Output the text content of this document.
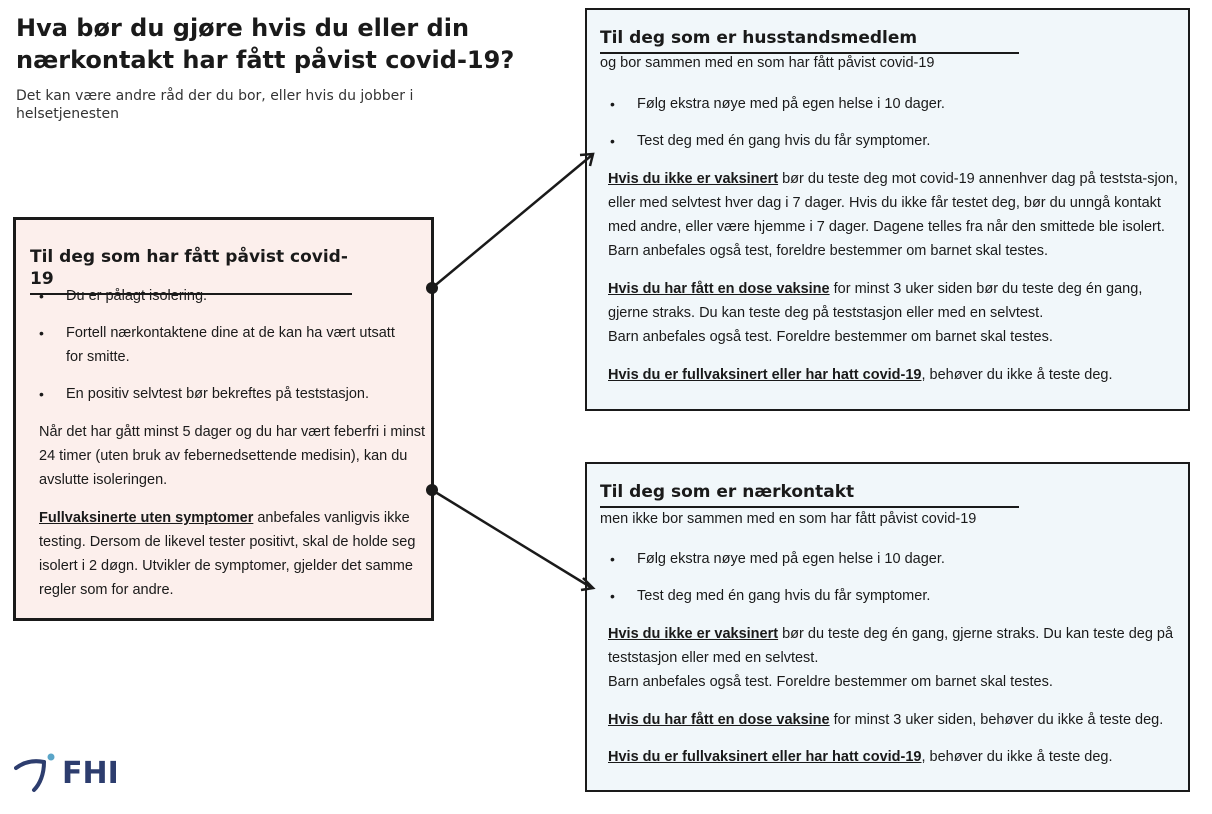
Hva bør du gjøre hvis du eller din nærkontakt har fått påvist covid-19?
Det kan være andre råd der du bor, eller hvis du jobber i helsetjenesten
Til deg som har fått påvist covid-19
• Du er pålagt isolering.
• Fortell nærkontaktene dine at de kan ha vært utsatt for smitte.
• En positiv selvtest bør bekreftes på teststasjon.
Når det har gått minst 5 dager og du har vært feberfri i minst 24 timer (uten bruk av febernedsettende medisin), kan du avslutte isoleringen.
Fullvaksinerte uten symptomer anbefales vanligvis ikke testing. Dersom de likevel tester positivt, skal de holde seg isolert i 2 døgn. Utvikler de symptomer, gjelder det samme regler som for andre.
Til deg som er husstandsmedlem
og bor sammen med en som har fått påvist covid-19
• Følg ekstra nøye med på egen helse i 10 dager.
• Test deg med én gang hvis du får symptomer.
Hvis du ikke er vaksinert bør du teste deg mot covid-19 annenhver dag på teststa-sjon, eller med selvtest hver dag i 7 dager. Hvis du ikke får testet deg, bør du unngå kontakt med andre, eller være hjemme i 7 dager. Dagene telles fra når den smittede ble isolert. Barn anbefales også test, foreldre bestemmer om barnet skal testes.
Hvis du har fått en dose vaksine for minst 3 uker siden bør du teste deg én gang, gjerne straks. Du kan teste deg på teststasjon eller med en selvtest.
Barn anbefales også test. Foreldre bestemmer om barnet skal testes.
Hvis du er fullvaksinert eller har hatt covid-19, behøver du ikke å teste deg.
Til deg som er nærkontakt
men ikke bor sammen med en som har fått påvist covid-19
• Følg ekstra nøye med på egen helse i 10 dager.
• Test deg med én gang hvis du får symptomer.
Hvis du ikke er vaksinert bør du teste deg én gang, gjerne straks. Du kan teste deg på teststasjon eller med en selvtest.
Barn anbefales også test. Foreldre bestemmer om barnet skal testes.
Hvis du har fått en dose vaksine for minst 3 uker siden, behøver du ikke å teste deg.
Hvis du er fullvaksinert eller har hatt covid-19, behøver du ikke å teste deg.
FHI
